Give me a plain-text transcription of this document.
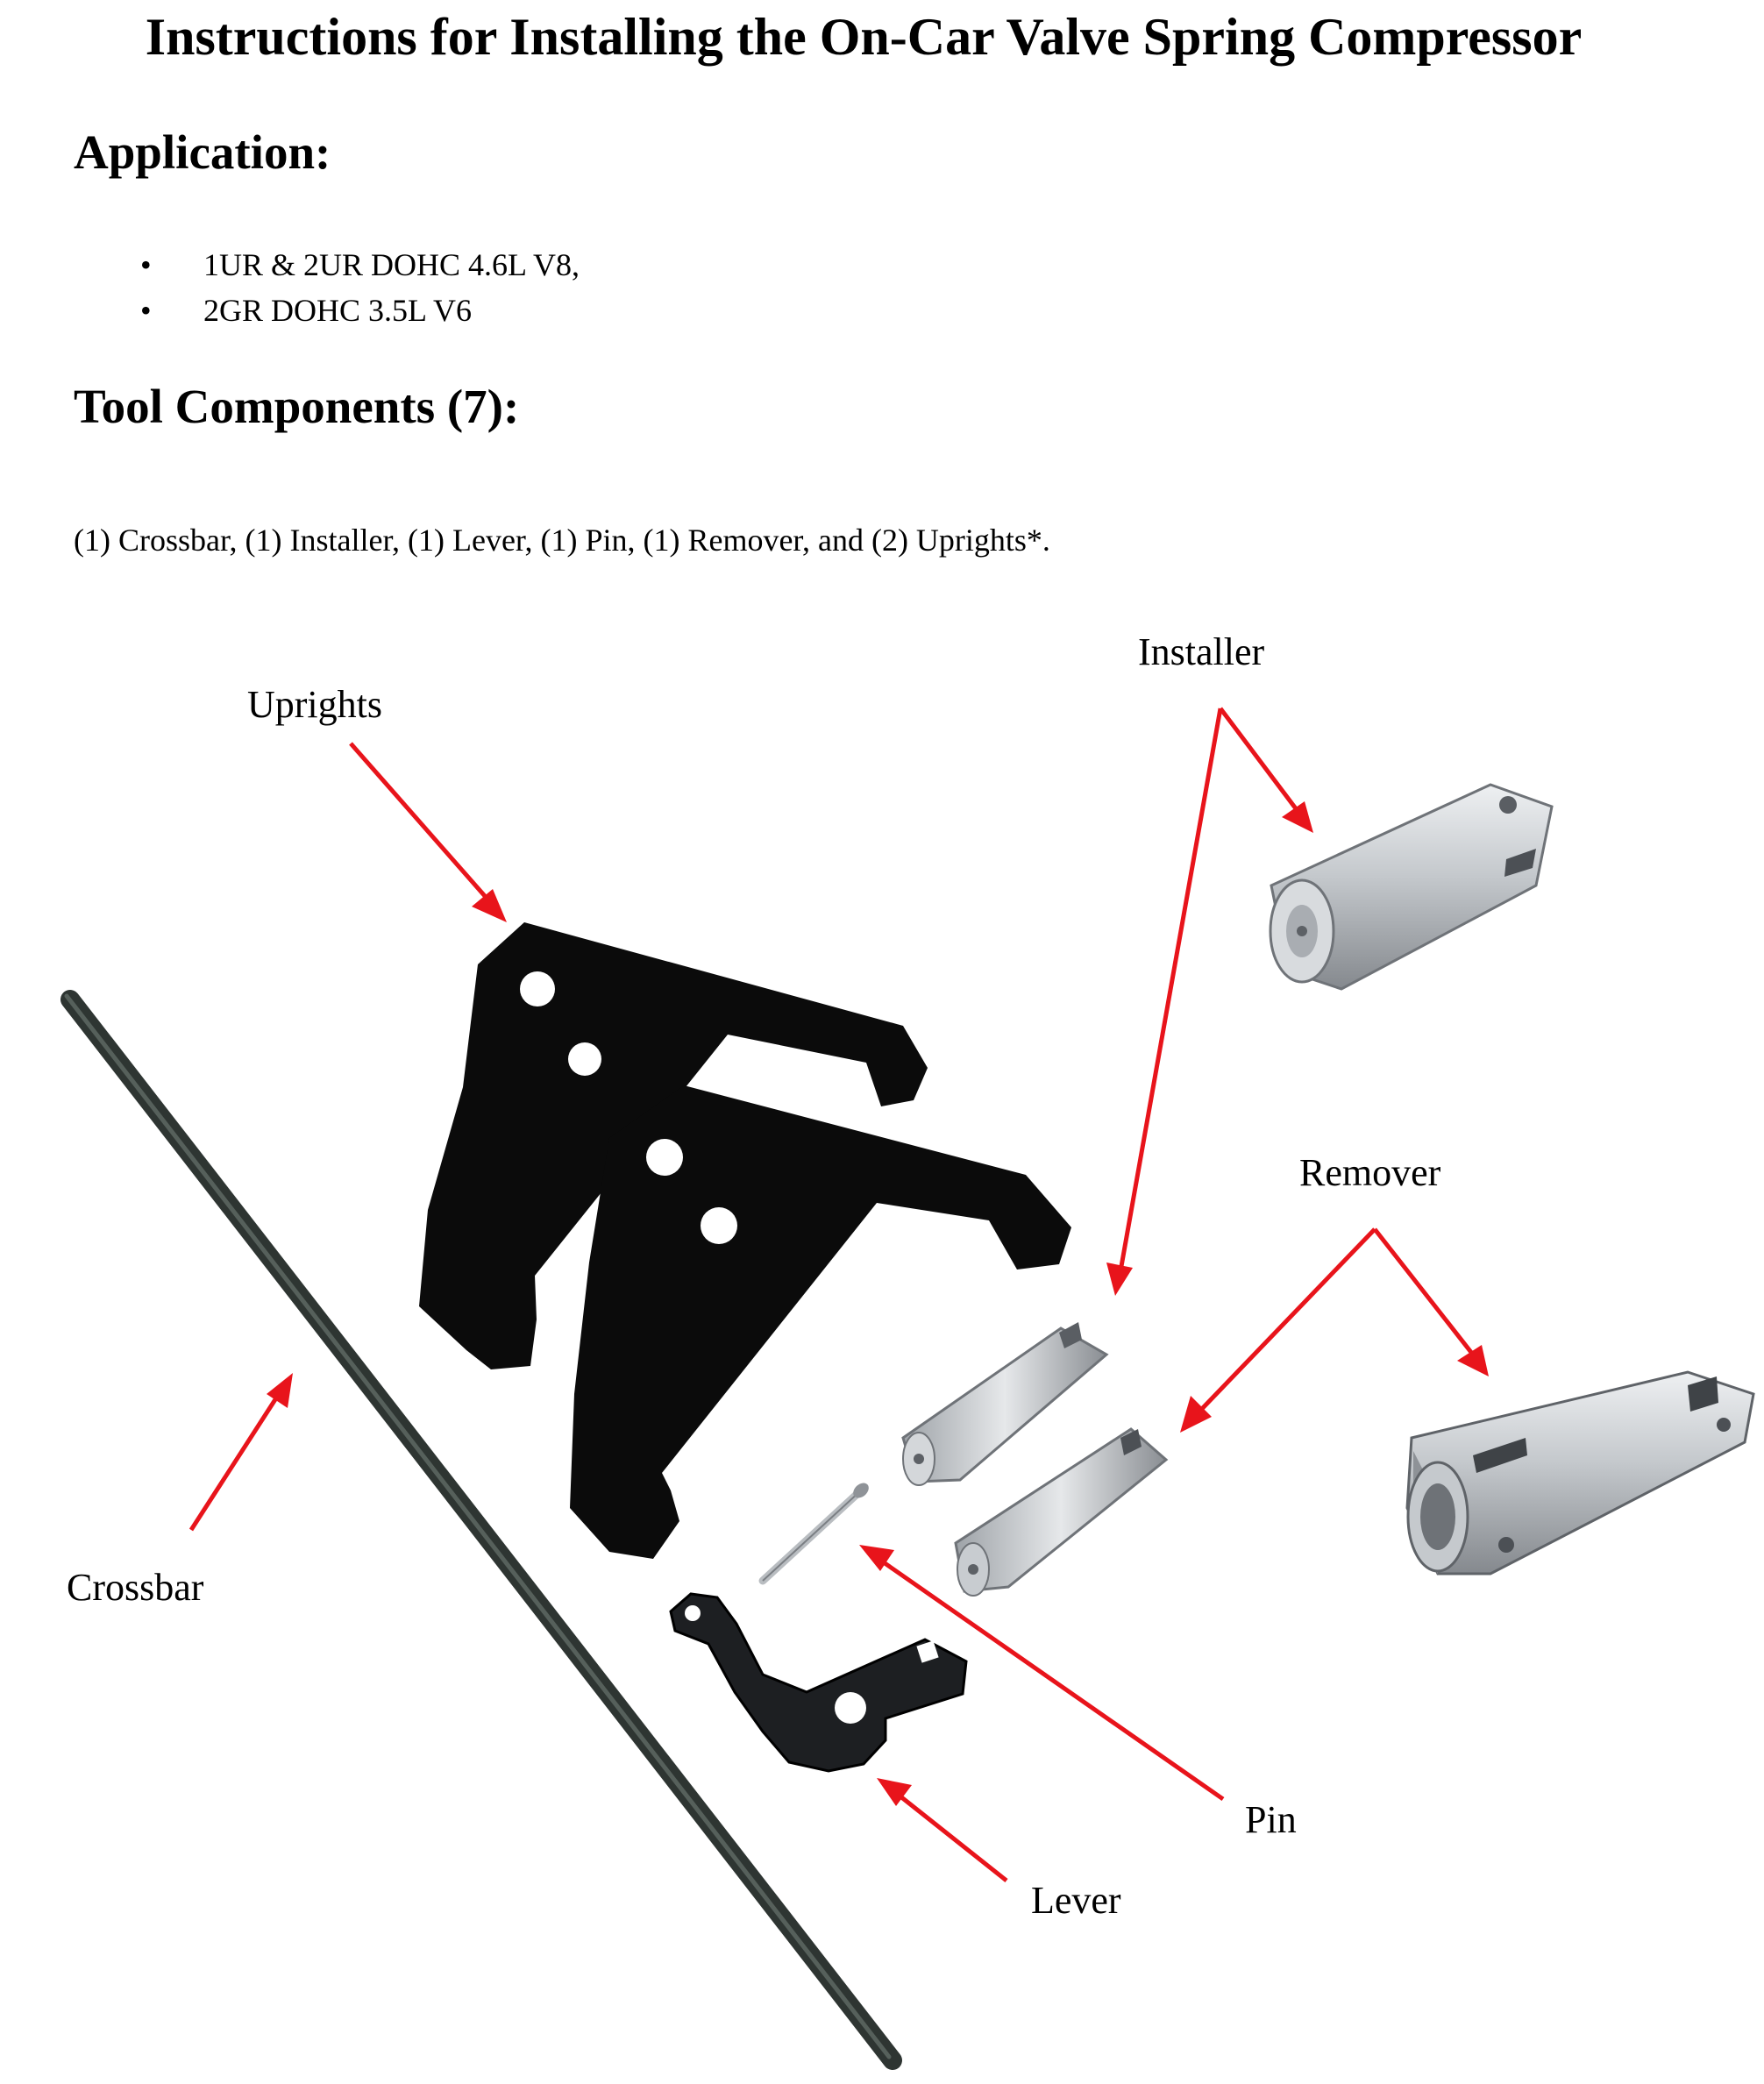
Instructions for Installing the On-Car Valve Spring Compressor
Application:
• 1UR & 2UR DOHC 4.6L V8,
• 2GR DOHC 3.5L V6
Tool Components (7):

(1) Crossbar, (1) Installer, (1) Lever, (1) Pin, (1) Remover, and (2) Uprights*.

Installer

Uprights

Remover

Crossbar

Pin

Lever
